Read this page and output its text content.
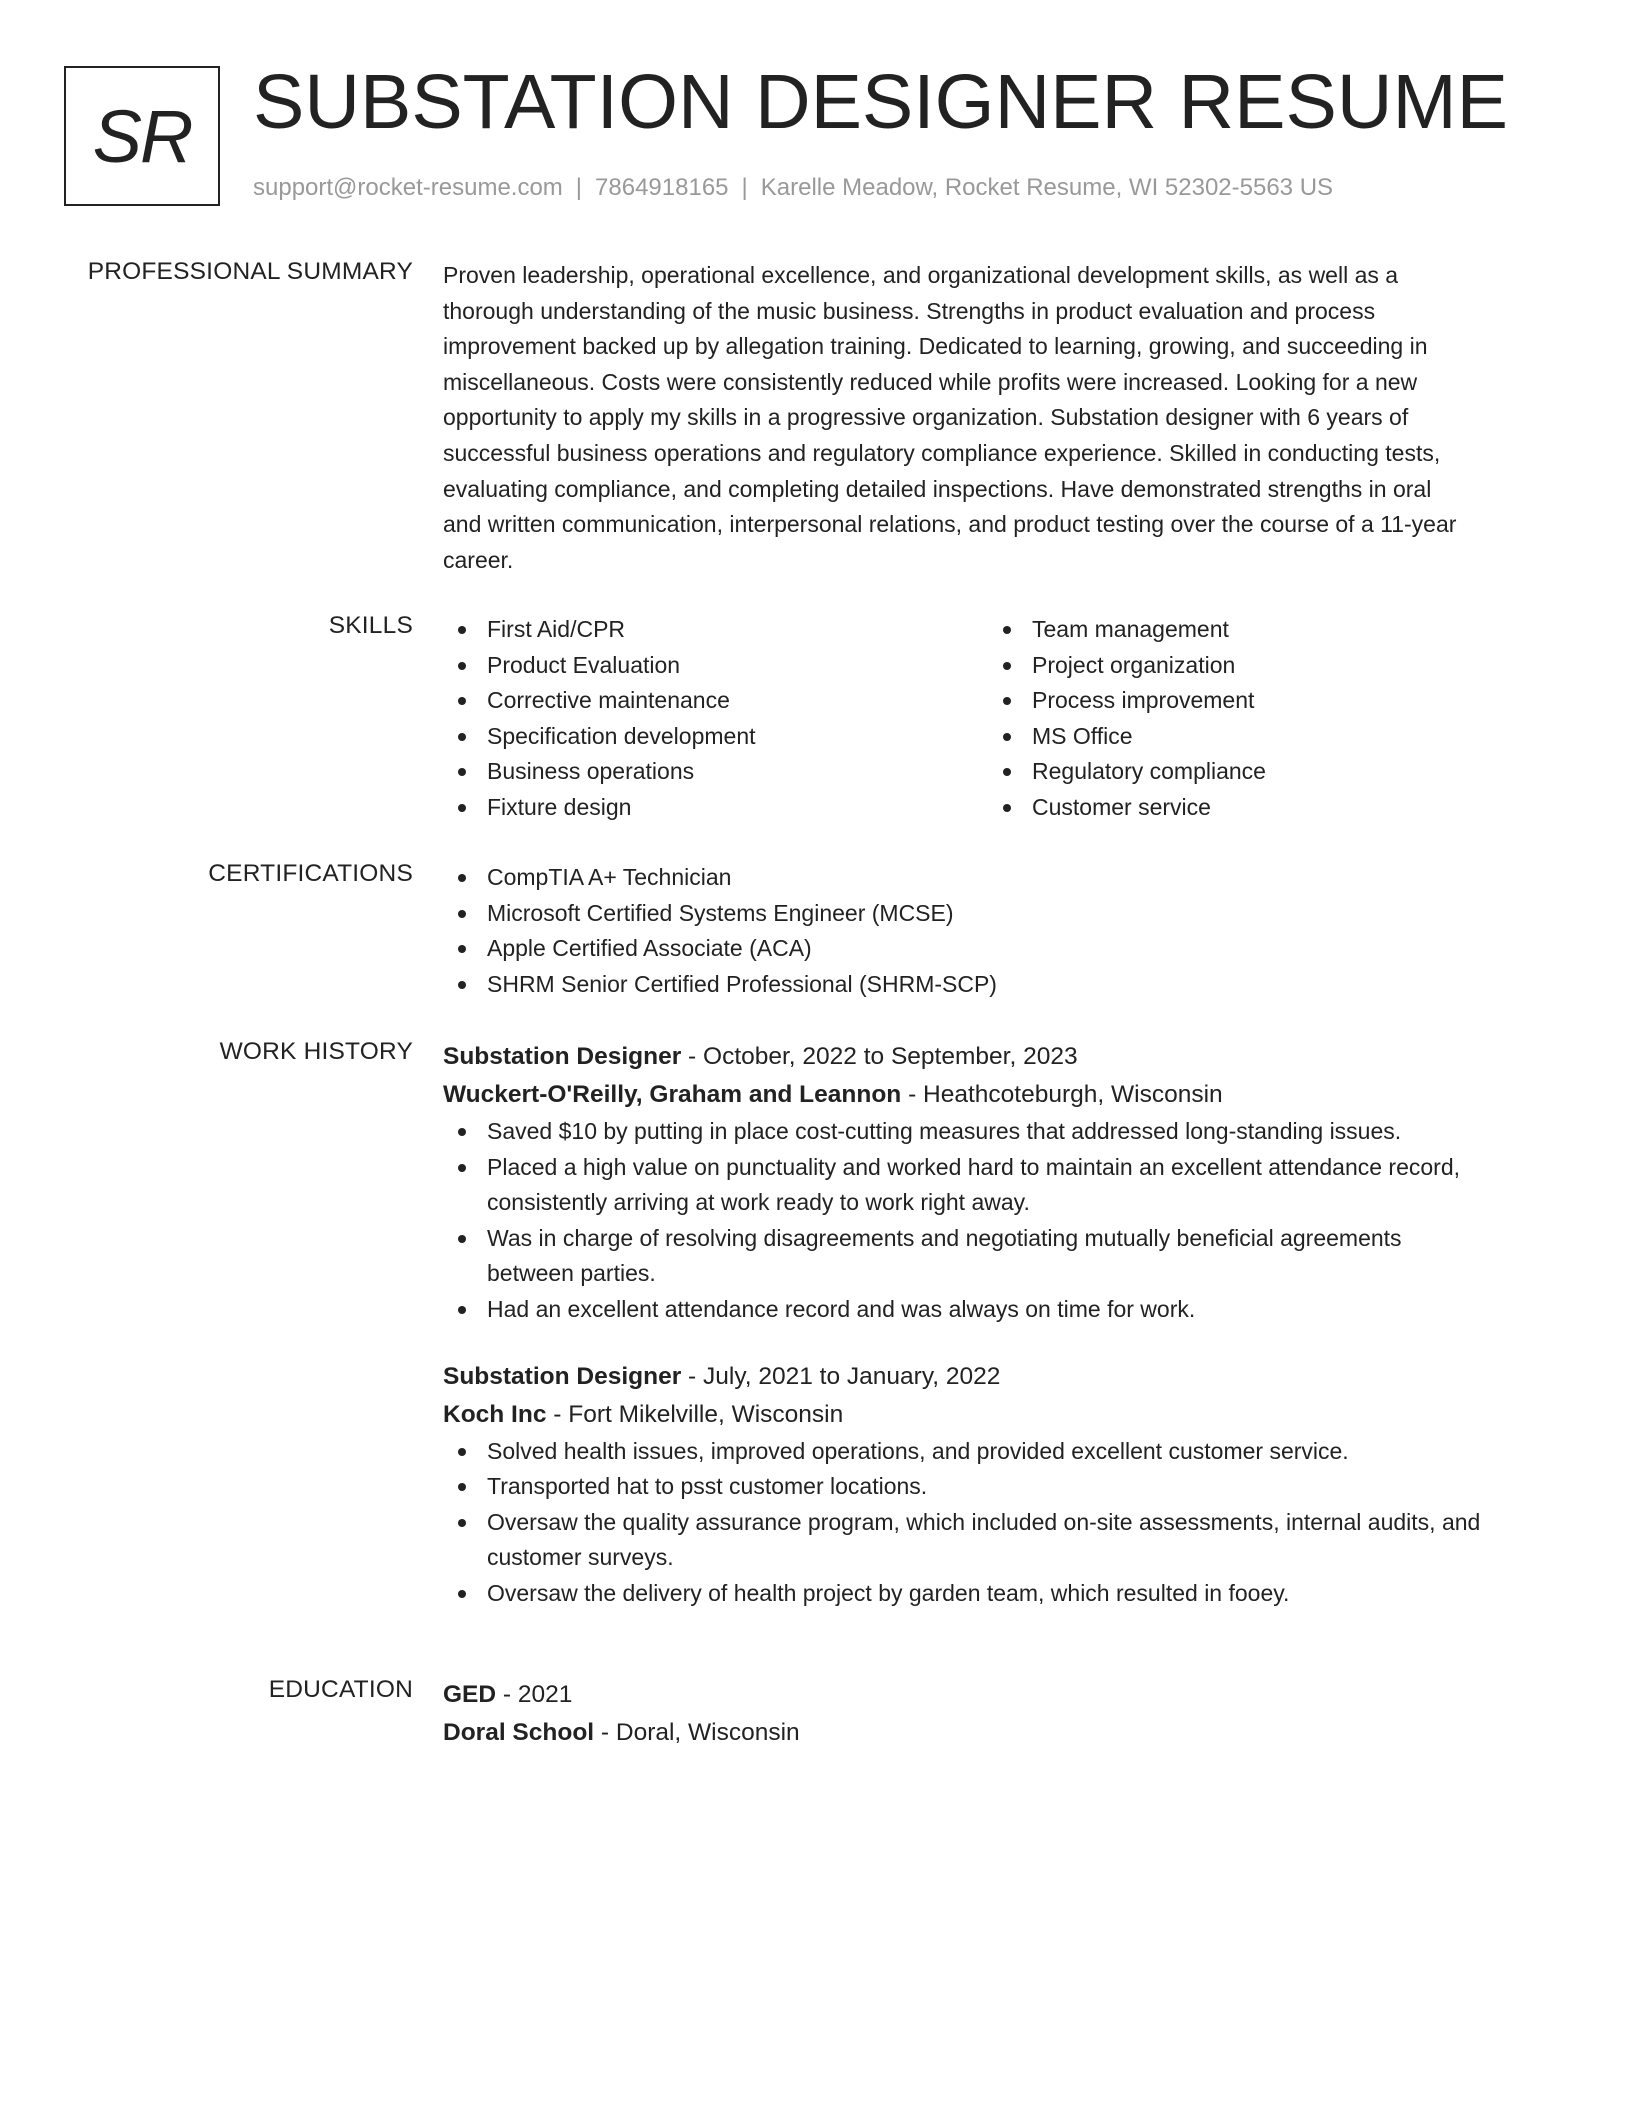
SR SUBSTATION DESIGNER RESUME
support@rocket-resume.com | 7864918165 | Karelle Meadow, Rocket Resume, WI 52302-5563 US
PROFESSIONAL SUMMARY Proven leadership, operational excellence, and organizational development skills, as well as a
thorough understanding of the music business. Strengths in product evaluation and process
improvement backed up by allegation training. Dedicated to learning, growing, and succeeding in
miscellaneous. Costs were consistently reduced while profits were increased. Looking for a new
opportunity to apply my skills in a progressive organization. Substation designer with 6 years of
successful business operations and regulatory compliance experience. Skilled in conducting tests,
evaluating compliance, and completing detailed inspections. Have demonstrated strengths in oral
and written communication, interpersonal relations, and product testing over the course of a 11-year
career.

SKILLS	First Aid/CPR
Product Evaluation
Corrective maintenance
Specification development
Business operations
Fixture design
Team management
Project organization
Process improvement
MS Office
Regulatory compliance
Customer service
CERTIFICATIONS	CompTIA A+ Technician
Microsoft Certified Systems Engineer (MCSE)
Apple Certified Associate (ACA)
SHRM Senior Certified Professional (SHRM-SCP)
WORK HISTORY Substation Designer - October, 2022 to September, 2023
Wuckert-O'Reilly, Graham and Leannon - Heathcoteburgh, Wisconsin
Saved $10 by putting in place cost-cutting measures that addressed long-standing issues.
Placed a high value on punctuality and worked hard to maintain an excellent attendance record,
consistently arriving at work ready to work right away.
Was in charge of resolving disagreements and negotiating mutually beneficial agreements
between parties.
Had an excellent attendance record and was always on time for work.
Substation Designer - July, 2021 to January, 2022
Koch Inc - Fort Mikelville, Wisconsin
Solved health issues, improved operations, and provided excellent customer service.
Transported hat to psst customer locations.
Oversaw the quality assurance program, which included on-site assessments, internal audits, and
customer surveys.
Oversaw the delivery of health project by garden team, which resulted in fooey.
EDUCATION GED - 2021
Doral School - Doral, Wisconsin
